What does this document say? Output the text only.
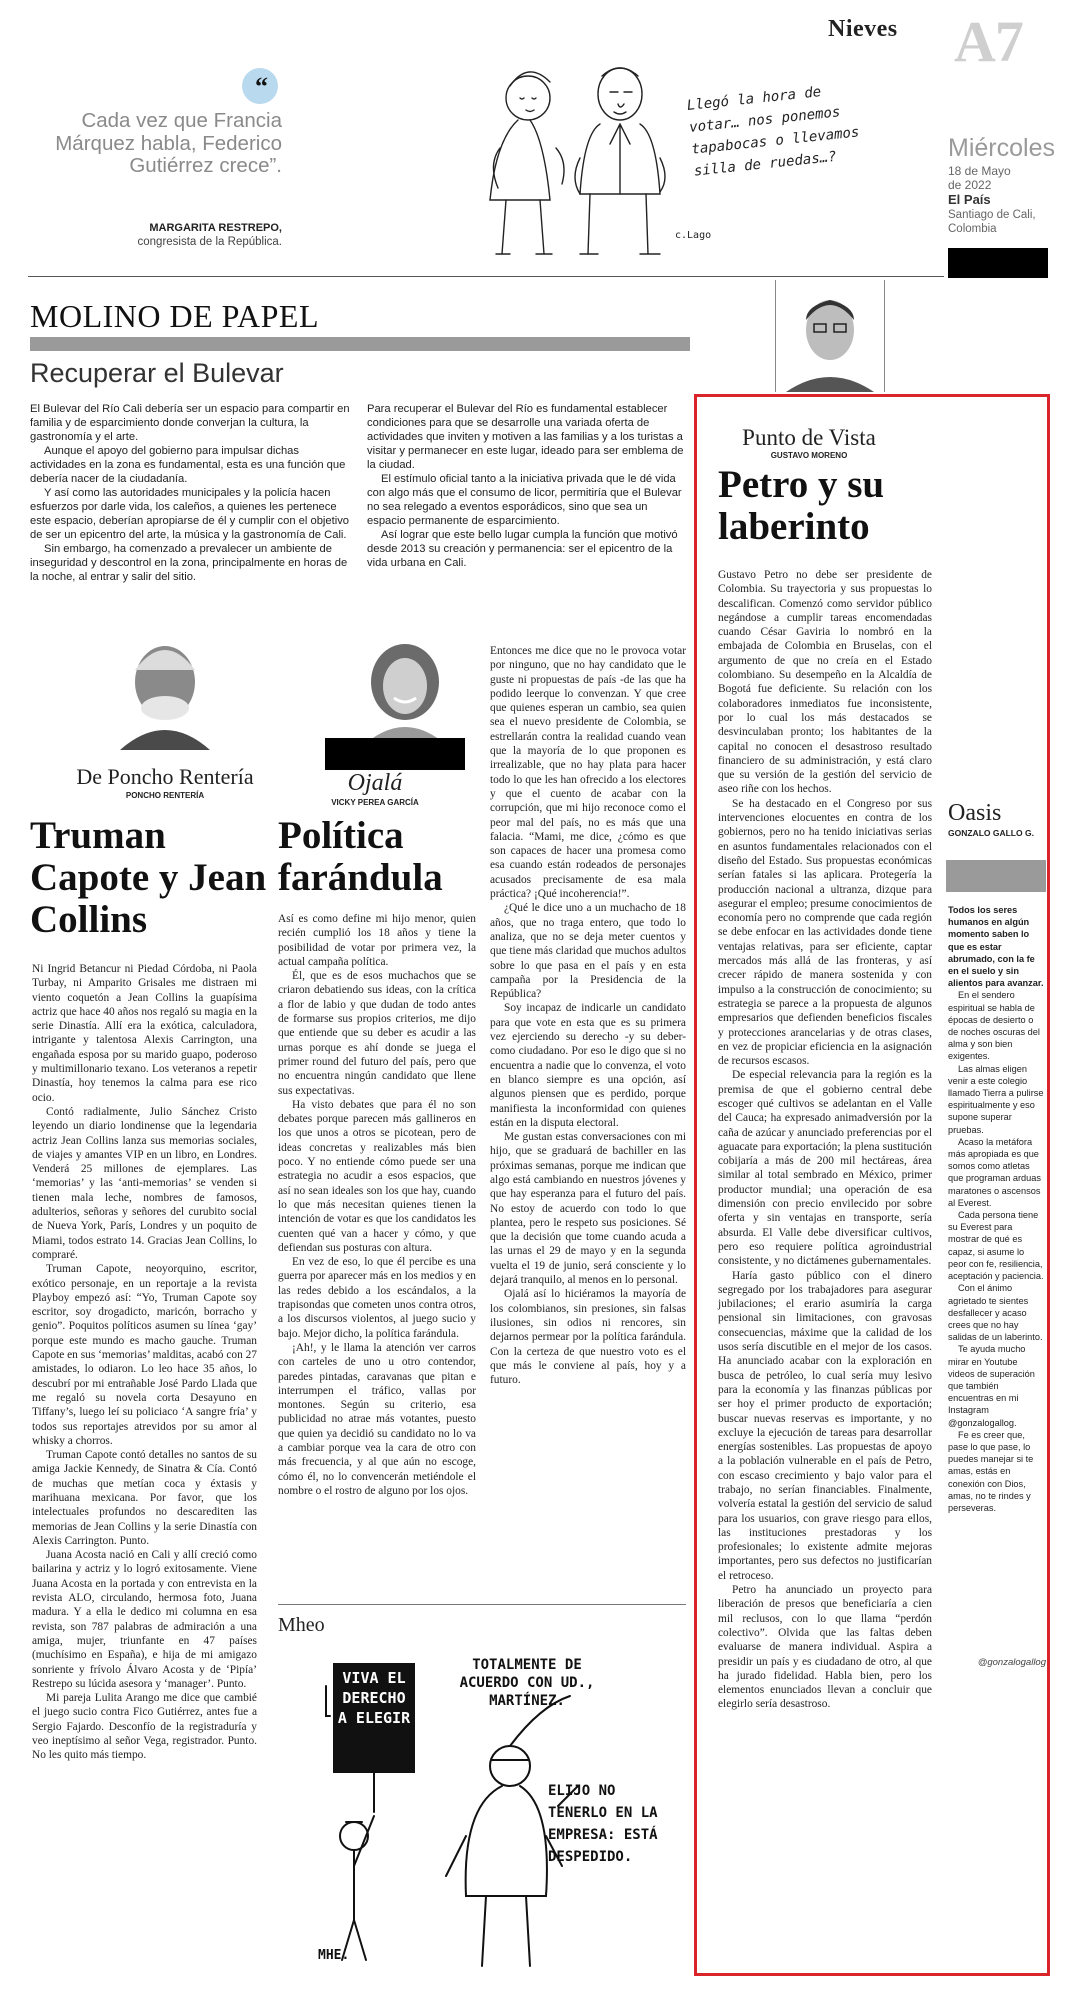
Nieves A7
Miércoles
18 de Mayo
de 2022
El País
Santiago de Cali,
Colombia
“
Cada vez que Francia Márquez habla, Federico Gutiérrez crece”.
MARGARITA RESTREPO,
congresista de la República.
c.Lago
Llegó la hora de votar… nos ponemos tapabocas o llevamos silla de ruedas…?
MOLINO DE PAPEL
Recuperar el Bulevar

El Bulevar del Río Cali debería ser un espacio para compartir en familia y de esparcimiento donde converjan la cultura, la gastronomía y el arte.

Aunque el apoyo del gobierno para impulsar dichas actividades en la zona es fundamental, esta es una función que debería nacer de la ciudadanía.

Y así como las autoridades municipales y la policía hacen esfuerzos por darle vida, los caleños, a quienes les pertenece este espacio, deberían apropiarse de él y cumplir con el objetivo de ser un epicentro del arte, la música y la gastronomía de Cali.

Sin embargo, ha comenzado a prevalecer un ambiente de inseguridad y descontrol en la zona, principalmente en horas de la noche, al entrar y salir del sitio.

Para recuperar el Bulevar del Río es fundamental establecer condiciones para que se desarrolle una variada oferta de actividades que inviten y motiven a las familias y a los turistas a visitar y permanecer en este lugar, ideado para ser emblema de la ciudad.

El estímulo oficial tanto a la iniciativa privada que le dé vida con algo más que el consumo de licor, permitiría que el Bulevar no sea relegado a eventos esporádicos, sino que sea un espacio permanente de esparcimiento.

Así lograr que este bello lugar cumpla la función que motivó desde 2013 su creación y permanencia: ser el epicentro de la vida urbana en Cali.

De Poncho Rentería
PONCHO RENTERÍA
Truman Capote y Jean Collins

Ni Ingrid Betancur ni Piedad Córdoba, ni Paola Turbay, ni Amparito Grisales me distraen mi viento coquetón a Jean Collins la guapísima actriz que hace 40 años nos regaló su magia en la serie Dinastía. Allí era la exótica, calculadora, intrigante y talentosa Alexis Carrington, una engañada esposa por su marido guapo, poderoso y multimillonario texano. Los veteranos a repetir Dinastía, hoy tenemos la calma para ese rico ocio.

Contó radialmente, Julio Sánchez Cristo leyendo un diario londinense que la legendaria actriz Jean Collins lanza sus memorias sociales, de viajes y amantes VIP en un libro, en Londres. Venderá 25 millones de ejemplares. Las ‘memorias’ y las ‘anti-memorias’ se venden si tienen mala leche, nombres de famosos, adulterios, señoras y señores del curubito social de Nueva York, París, Londres y un poquito de Miami, todos estrato 14. Gracias Jean Collins, lo compraré.

Truman Capote, neoyorquino, escritor, exótico personaje, en un reportaje a la revista Playboy empezó así: “Yo, Truman Capote soy escritor, soy drogadicto, maricón, borracho y genio”. Poquitos políticos asumen su línea ‘gay’ porque este mundo es macho gauche. Truman Capote en sus ‘memorias’ malditas, acabó con 27 amistades, lo odiaron. Lo leo hace 35 años, lo descubrí por mi entrañable José Pardo Llada que me regaló su novela corta Desayuno en Tiffany’s, luego leí su policiaco ‘A sangre fría’ y todos sus reportajes atrevidos por su amor al whisky a chorros.

Truman Capote contó detalles no santos de su amiga Jackie Kennedy, de Sinatra & Cía. Contó de muchas que metían coca y éxtasis y marihuana mexicana. Por favor, que los intelectuales profundos no descarediten las memorias de Jean Collins y la serie Dinastía con Alexis Carrington. Punto.

Juana Acosta nació en Cali y allí creció como bailarina y actriz y lo logró exitosamente. Viene Juana Acosta en la portada y con entrevista en la revista ALO, circulando, hermosa foto, Juana madura. Y a ella le dedico mi columna en esa revista, son 787 palabras de admiración a una amiga, mujer, triunfante en 47 países (muchísimo en España), e hija de mi amigazo sonriente y frívolo Álvaro Acosta y de ‘Pipía’ Restrepo su lúcida asesora y ‘manager’. Punto.

Mi pareja Lulita Arango me dice que cambié el juego sucio contra Fico Gutiérrez, antes fue a Sergio Fajardo. Desconfío de la registraduría y veo ineptísimo al señor Vega, registrador. Punto. No les quito más tiempo.

Ojalá
VICKY PEREA GARCÍA
Política farándula

Así es como define mi hijo menor, quien recién cumplió los 18 años y tiene la posibilidad de votar por primera vez, la actual campaña política.

Él, que es de esos muchachos que se criaron debatiendo sus ideas, con la crítica a flor de labio y que dudan de todo antes de formarse sus propios criterios, me dijo que entiende que su deber es acudir a las urnas porque es ahí donde se juega el primer round del futuro del país, pero que no encuentra ningún candidato que llene sus expectativas.

Ha visto debates que para él no son debates porque parecen más gallineros en los que unos a otros se picotean, pero de ideas concretas y realizables más bien poco. Y no entiende cómo puede ser una estrategia no acudir a esos espacios, que así no sean ideales son los que hay, cuando lo que más necesitan quienes tienen la intención de votar es que los candidatos les cuenten qué van a hacer y cómo, y que defiendan sus posturas con altura.

En vez de eso, lo que él percibe es una guerra por aparecer más en los medios y en las redes debido a los escándalos, a la trapisondas que cometen unos contra otros, a los discursos violentos, al juego sucio y bajo. Mejor dicho, la política farándula.

¡Ah!, y le llama la atención ver carros con carteles de uno u otro contendor, paredes pintadas, caravanas que pitan e interrumpen el tráfico, vallas por montones. Según su criterio, esa publicidad no atrae más votantes, puesto que quien ya decidió su candidato no lo va a cambiar porque vea la cara de otro con más frecuencia, y al que aún no escoge, cómo él, no lo convencerán metiéndole el nombre o el rostro de alguno por los ojos.

Entonces me dice que no le provoca votar por ninguno, que no hay candidato que le guste ni propuestas de país -de las que ha podido leerque lo convenzan. Y que cree que quienes esperan un cambio, sea quien sea el nuevo presidente de Colombia, se estrellarán contra la realidad cuando vean que la mayoría de lo que proponen es irrealizable, que no hay plata para hacer todo lo que les han ofrecido a los electores y que el cuento de acabar con la corrupción, que mi hijo reconoce como el peor mal del país, no es más que una falacia. “Mami, me dice, ¿cómo es que son capaces de hacer una promesa como esa cuando están rodeados de personajes acusados precisamente de esa mala práctica? ¡Qué incoherencia!”.

¿Qué le dice uno a un muchacho de 18 años, que no traga entero, que todo lo analiza, que no se deja meter cuentos y que tiene más claridad que muchos adultos sobre lo que pasa en el país y en esta campaña por la Presidencia de la República?

Soy incapaz de indicarle un candidato para que vote en esta que es su primera vez ejerciendo su derecho -y su deber- como ciudadano. Por eso le digo que si no encuentra a nadie que lo convenza, el voto en blanco siempre es una opción, así algunos piensen que es perdido, porque manifiesta la inconformidad con quienes están en la disputa electoral.

Me gustan estas conversaciones con mi hijo, que se graduará de bachiller en las próximas semanas, porque me indican que algo está cambiando en nuestros jóvenes y que hay esperanza para el futuro del país. No estoy de acuerdo con todo lo que plantea, pero le respeto sus posiciones. Sé que la decisión que tome cuando acuda a las urnas el 29 de mayo y en la segunda vuelta el 19 de junio, será consciente y lo dejará tranquilo, al menos en lo personal.

Ojalá así lo hiciéramos la mayoría de los colombianos, sin presiones, sin falsas ilusiones, sin odios ni rencores, sin dejarnos permear por la política farándula. Con la certeza de que nuestro voto es el que más le conviene al país, hoy y a futuro.

Mheo
VIVA EL DERECHO A ELEGIR
TOTALMENTE DE ACUERDO CON UD., MARTÍNEZ.
ELIJO NO TENERLO EN LA EMPRESA: ESTÁ DESPEDIDO.
MHE.
Punto de Vista
GUSTAVO MORENO
Petro y su laberinto

Gustavo Petro no debe ser presidente de Colombia. Su trayectoria y sus propuestas lo descalifican. Comenzó como servidor público negándose a cumplir tareas encomendadas cuando César Gaviria lo nombró en la embajada de Colombia en Bruselas, con el argumento de que no creía en el Estado colombiano. Su desempeño en la Alcaldía de Bogotá fue deficiente. Su relación con los colaboradores inmediatos fue inconsistente, por lo cual los más destacados se desvinculaban pronto; los habitantes de la capital no conocen el desastroso resultado financiero de su administración, y está claro que su versión de la gestión del servicio de aseo riñe con los hechos.

Se ha destacado en el Congreso por sus intervenciones elocuentes en contra de los gobiernos, pero no ha tenido iniciativas serias en asuntos fundamentales relacionados con el diseño del Estado. Sus propuestas económicas serían fatales si las aplicara. Protegería la producción nacional a ultranza, dizque para asegurar el empleo; presume conocimientos de economía pero no comprende que cada región se debe enfocar en las actividades donde tiene ventajas relativas, para ser eficiente, captar mercados más allá de las fronteras, y así crecer rápido de manera sostenida y con impulso a la construcción de conocimiento; su estrategia se parece a la propuesta de algunos empresarios que defienden beneficios fiscales y protecciones arancelarias y de otras clases, en vez de propiciar eficiencia en la asignación de recursos escasos.

De especial relevancia para la región es la premisa de que el gobierno central debe escoger qué cultivos se adelantan en el Valle del Cauca; ha expresado animadversión por la caña de azúcar y anunciado preferencias por el aguacate para exportación; la plena sustitución cobijaría a más de 200 mil hectáreas, área similar al total sembrado en México, primer productor mundial; una operación de esa dimensión con precio envilecido por sobre oferta y sin ventajas en transporte, sería absurda. El Valle debe diversificar cultivos, pero eso requiere política agroindustrial consistente, y no dictámenes gubernamentales.

Haría gasto público con el dinero segregado por los trabajadores para asegurar jubilaciones; el erario asumiría la carga pensional sin limitaciones, con gravosas consecuencias, máxime que la calidad de los usos sería discutible en el mejor de los casos. Ha anunciado acabar con la exploración en busca de petróleo, lo cual sería muy lesivo para la economía y las finanzas públicas por ser hoy el primer producto de exportación; buscar nuevas reservas es importante, y no excluye la ejecución de tareas para desarrollar energías sostenibles. Las propuestas de apoyo a la población vulnerable en el país de Petro, con escaso crecimiento y bajo valor para el trabajo, no serían financiables. Finalmente, volvería estatal la gestión del servicio de salud para los usuarios, con grave riesgo para ellos, las instituciones prestadoras y los profesionales; lo existente admite mejoras importantes, pero sus defectos no justificarían el retroceso.

Petro ha anunciado un proyecto para liberación de presos que beneficiaría a cien mil reclusos, con lo que llama “perdón colectivo”. Olvida que las faltas deben evaluarse de manera individual. Aspira a presidir un país y es ciudadano de otro, al que ha jurado fidelidad. Habla bien, pero los elementos enunciados llevan a concluir que elegirlo sería desastroso.

Oasis
GONZALO GALLO G.

Todos los seres humanos en algún momento saben lo que es estar abrumado, con la fe en el suelo y sin alientos para avanzar.

En el sendero espiritual se habla de épocas de desierto o de noches oscuras del alma y son bien exigentes.

Las almas eligen venir a este colegio llamado Tierra a pulirse espiritualmente y eso supone superar pruebas.

Acaso la metáfora más apropiada es que somos como atletas que programan arduas maratones o ascensos al Everest.

Cada persona tiene su Everest para mostrar de qué es capaz, si asume lo peor con fe, resiliencia, aceptación y paciencia.

Con el ánimo agrietado te sientes desfallecer y acaso crees que no hay salidas de un laberinto.

Te ayuda mucho mirar en Youtube videos de superación que también encuentras en mi Instagram @gonzalogallog.

Fe es creer que, pase lo que pase, lo puedes manejar si te amas, estás en conexión con Dios, amas, no te rindes y perseveras.

@gonzalogallog
